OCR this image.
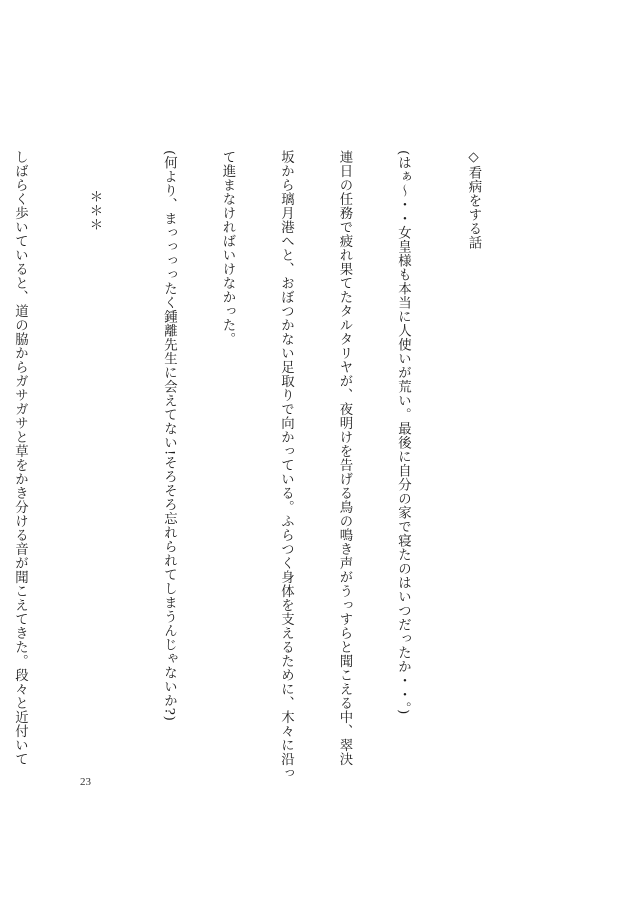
◇看病をする話

(はぁ〜・・女皇様も本当に人使いが荒い。最後に自分の家で寝たのはいつだったか・・。)

連日の任務で疲れ果てたタルタリヤが、夜明けを告げる鳥の鳴き声がうっすらと聞こえる中、翠決

坂から璃月港へと、おぼつかない足取りで向かっている。ふらつく身体を支えるために、木々に沿っ

て進まなければいけなかった。

(何より、まっっっったく鍾離先生に会えてない!そろそろ忘れられてしまうんじゃないか?)

＊＊＊

しばらく歩いていると、道の脇からガサガサと草をかき分ける音が聞こえてきた。段々と近付いて

23
